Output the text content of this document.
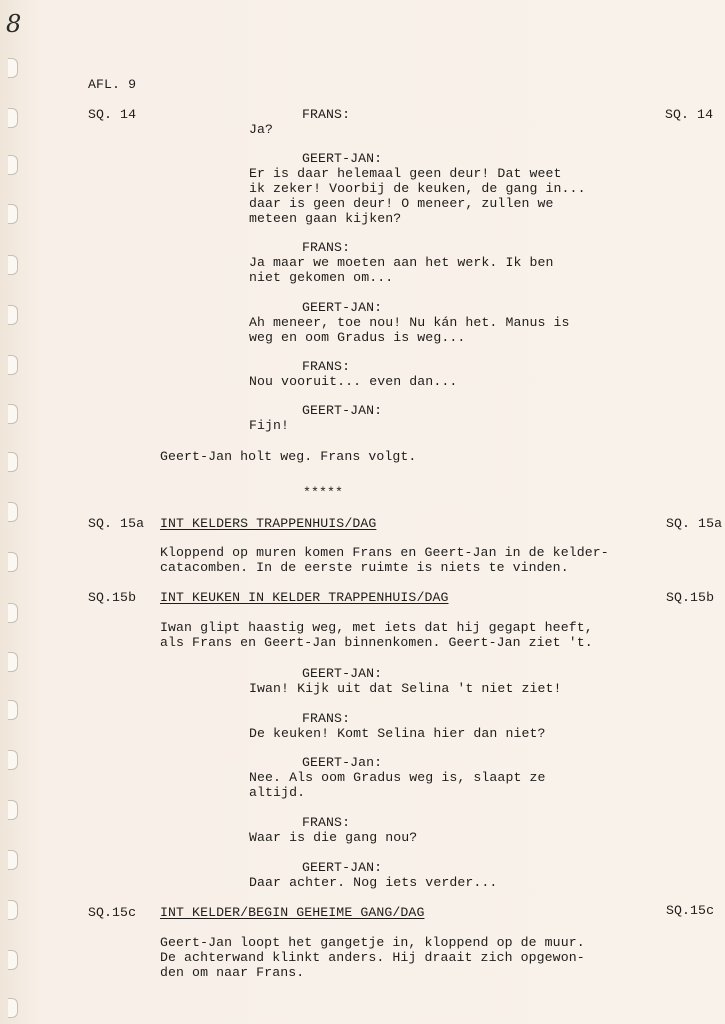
8
AFL. 9
SQ. 14	SQ. 14
FRANS:
Ja?
GEERT-JAN:
Er is daar helemaal geen deur! Dat weet
ik zeker! Voorbij de keuken, de gang in...
daar is geen deur! O meneer, zullen we
meteen gaan kijken?
FRANS:
Ja maar we moeten aan het werk. Ik ben
niet gekomen om...
GEERT-JAN:
Ah meneer, toe nou! Nu kán het. Manus is
weg en oom Gradus is weg...
FRANS:
Nou vooruit... even dan...
GEERT-JAN:
Fijn!
Geert-Jan holt weg. Frans volgt.
*****
SQ. 15a INT KELDERS TRAPPENHUIS/DAG	SQ. 15a
Kloppend op muren komen Frans en Geert-Jan in de kelder-
catacomben. In de eerste ruimte is niets te vinden.
SQ.15b INT KEUKEN IN KELDER TRAPPENHUIS/DAG	SQ.15b
Iwan glipt haastig weg, met iets dat hij gegapt heeft,
als Frans en Geert-Jan binnenkomen. Geert-Jan ziet 't.
GEERT-JAN:
Iwan! Kijk uit dat Selina 't niet ziet!
FRANS:
De keuken! Komt Selina hier dan niet?
GEERT-Jan:
Nee. Als oom Gradus weg is, slaapt ze
altijd.
FRANS:
Waar is die gang nou?
GEERT-JAN:
Daar achter. Nog iets verder...
SQ.15c INT KELDER/BEGIN GEHEIME GANG/DAG	SQ.15c
Geert-Jan loopt het gangetje in, kloppend op de muur.
De achterwand klinkt anders. Hij draait zich opgewon-
den om naar Frans.
